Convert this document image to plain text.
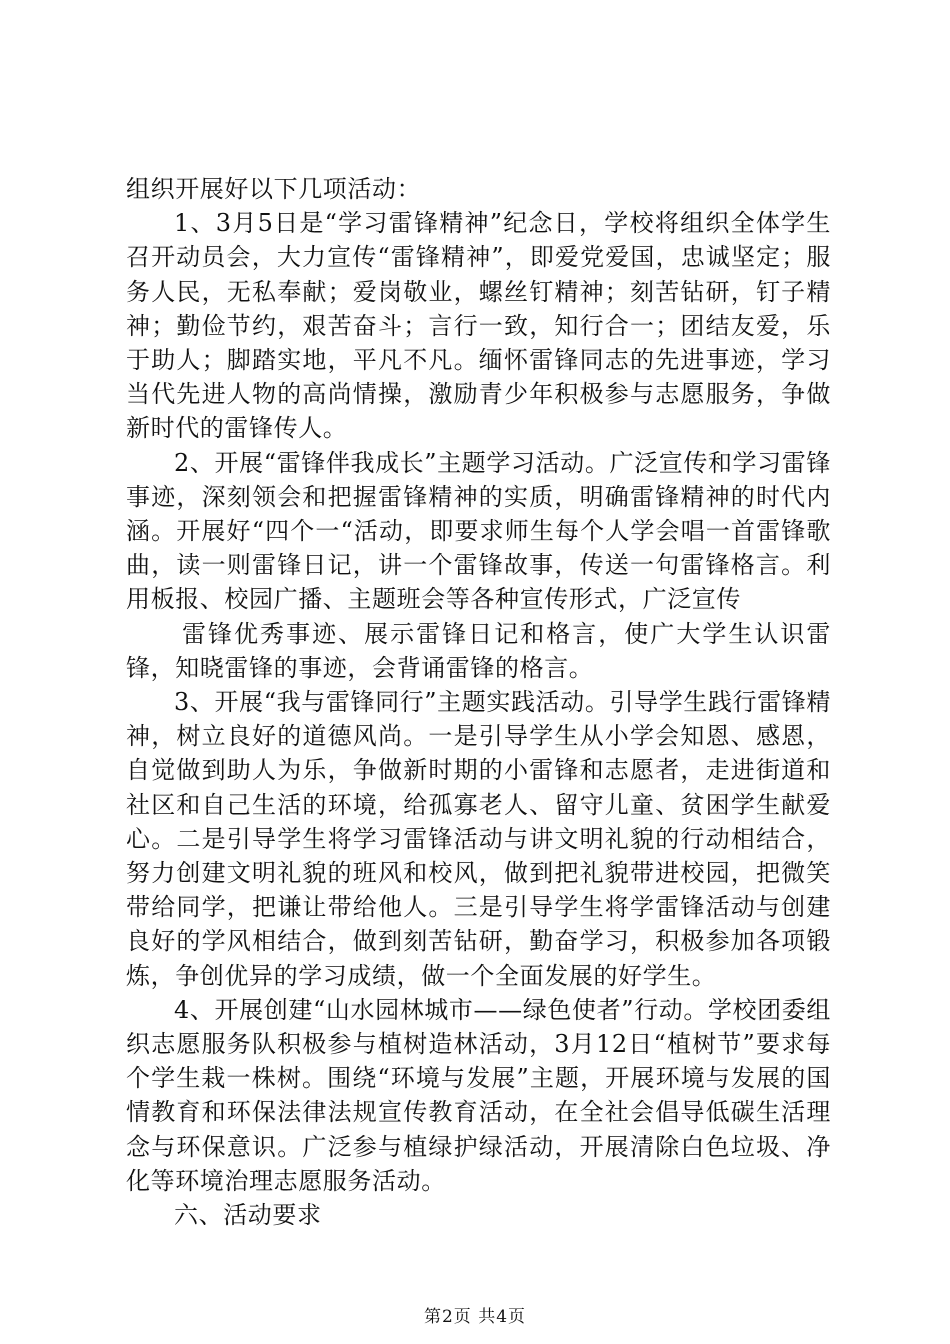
组织开展好以下几项活动：

1、3月5日是“学习雷锋精神”纪念日，学校将组织全体学生召开动员会，大力宣传“雷锋精神”，即爱党爱国，忠诚坚定；服务人民，无私奉献；爱岗敬业，螺丝钉精神；刻苦钻研，钉子精神；勤俭节约，艰苦奋斗；言行一致，知行合一；团结友爱，乐于助人；脚踏实地，平凡不凡。缅怀雷锋同志的先进事迹，学习当代先进人物的高尚情操，激励青少年积极参与志愿服务，争做新时代的雷锋传人。

2、开展“雷锋伴我成长”主题学习活动。广泛宣传和学习雷锋事迹，深刻领会和把握雷锋精神的实质，明确雷锋精神的时代内涵。开展好“四个一“活动，即要求师生每个人学会唱一首雷锋歌曲，读一则雷锋日记，讲一个雷锋故事，传送一句雷锋格言。利用板报、校园广播、主题班会等各种宣传形式，广泛宣传

雷锋优秀事迹、展示雷锋日记和格言，使广大学生认识雷锋，知晓雷锋的事迹，会背诵雷锋的格言。

3、开展“我与雷锋同行”主题实践活动。引导学生践行雷锋精神，树立良好的道德风尚。一是引导学生从小学会知恩、感恩，自觉做到助人为乐，争做新时期的小雷锋和志愿者，走进街道和社区和自己生活的环境，给孤寡老人、留守儿童、贫困学生献爱心。二是引导学生将学习雷锋活动与讲文明礼貌的行动相结合，努力创建文明礼貌的班风和校风，做到把礼貌带进校园，把微笑带给同学，把谦让带给他人。三是引导学生将学雷锋活动与创建良好的学风相结合，做到刻苦钻研，勤奋学习，积极参加各项锻炼，争创优异的学习成绩，做一个全面发展的好学生。

4、开展创建“山水园林城市——绿色使者”行动。学校团委组织志愿服务队积极参与植树造林活动，3月12日“植树节”要求每个学生栽一株树。围绕“环境与发展”主题，开展环境与发展的国情教育和环保法律法规宣传教育活动，在全社会倡导低碳生活理念与环保意识。广泛参与植绿护绿活动，开展清除白色垃圾、净化等环境治理志愿服务活动。

六、活动要求

第2页 共4页
